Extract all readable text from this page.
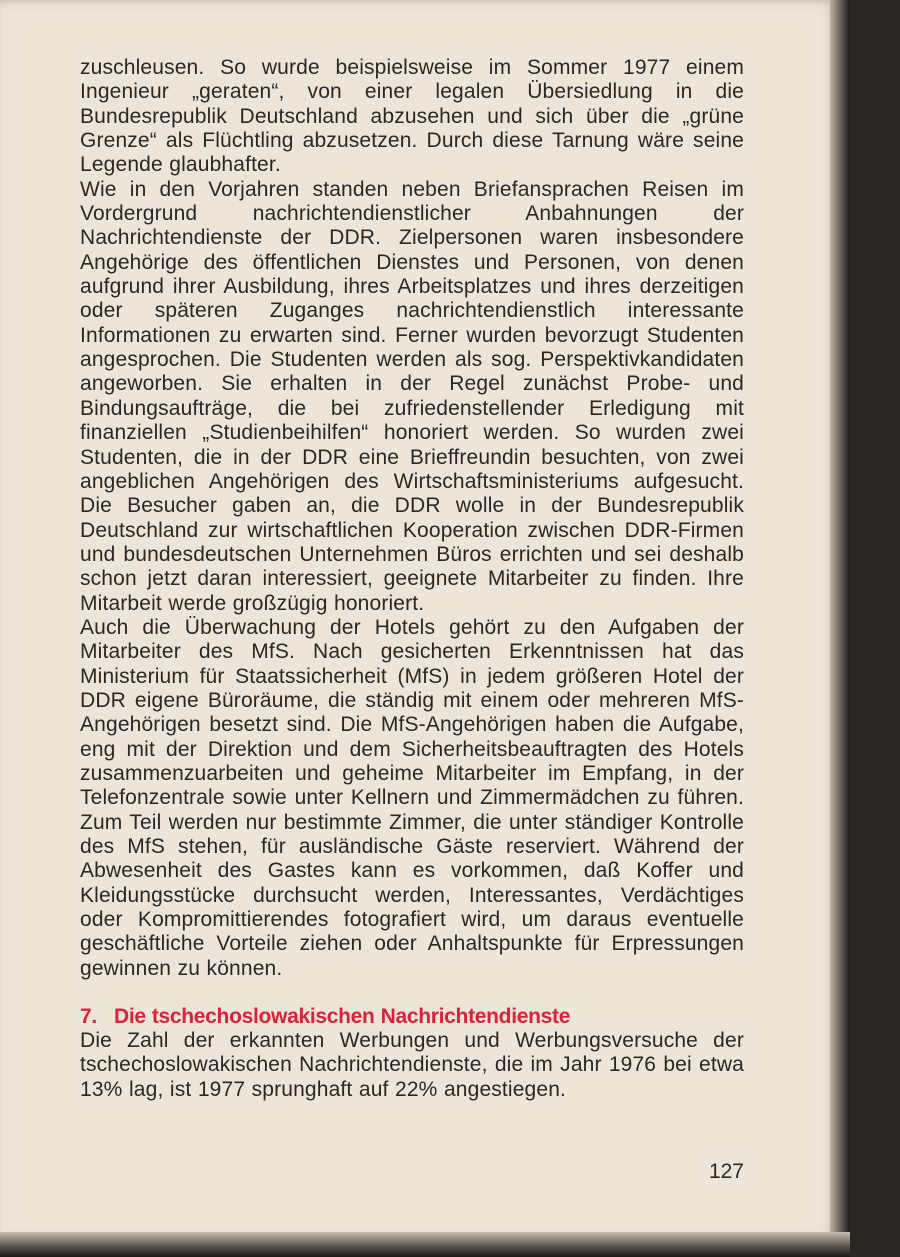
zuschleusen. So wurde beispielsweise im Sommer 1977 einem Ingenieur „geraten“, von einer legalen Übersiedlung in die Bundesrepublik Deutschland abzusehen und sich über die „grüne Grenze“ als Flüchtling abzusetzen. Durch diese Tarnung wäre seine Legende glaubhafter.

Wie in den Vorjahren standen neben Briefansprachen Reisen im Vordergrund nachrichtendienstlicher Anbahnungen der Nachrichtendienste der DDR. Zielpersonen waren insbesondere Angehörige des öffentlichen Dienstes und Personen, von denen aufgrund ihrer Ausbildung, ihres Arbeitsplatzes und ihres derzeitigen oder späteren Zuganges nachrichtendienstlich interessante Informationen zu erwarten sind. Ferner wurden bevorzugt Studenten angesprochen. Die Studenten werden als sog. Perspektivkandidaten angeworben. Sie erhalten in der Regel zunächst Probe- und Bindungsaufträge, die bei zufriedenstellender Erledigung mit finanziellen „Studienbeihilfen“ honoriert werden. So wurden zwei Studenten, die in der DDR eine Brieffreundin besuchten, von zwei angeblichen Angehörigen des Wirtschaftsministeriums aufgesucht. Die Besucher gaben an, die DDR wolle in der Bundesrepublik Deutschland zur wirtschaftlichen Kooperation zwischen DDR-Firmen und bundesdeutschen Unternehmen Büros errichten und sei deshalb schon jetzt daran interessiert, geeignete Mitarbeiter zu finden. Ihre Mitarbeit werde großzügig honoriert.

Auch die Überwachung der Hotels gehört zu den Aufgaben der Mitarbeiter des MfS. Nach gesicherten Erkenntnissen hat das Ministerium für Staatssicherheit (MfS) in jedem größeren Hotel der DDR eigene Büroräume, die ständig mit einem oder mehreren MfS-Angehörigen besetzt sind. Die MfS-Angehörigen haben die Aufgabe, eng mit der Direktion und dem Sicherheitsbeauftragten des Hotels zusammenzuarbeiten und geheime Mitarbeiter im Empfang, in der Telefonzentrale sowie unter Kellnern und Zimmermädchen zu führen. Zum Teil werden nur bestimmte Zimmer, die unter ständiger Kontrolle des MfS stehen, für ausländische Gäste reserviert. Während der Abwesenheit des Gastes kann es vorkommen, daß Koffer und Kleidungsstücke durchsucht werden, Interessantes, Verdächtiges oder Kompromittierendes fotografiert wird, um daraus eventuelle geschäftliche Vorteile ziehen oder Anhaltspunkte für Erpressungen gewinnen zu können.

7. Die tschechoslowakischen Nachrichtendienste

Die Zahl der erkannten Werbungen und Werbungsversuche der tschechoslowakischen Nachrichtendienste, die im Jahr 1976 bei etwa 13% lag, ist 1977 sprunghaft auf 22% angestiegen.

127
